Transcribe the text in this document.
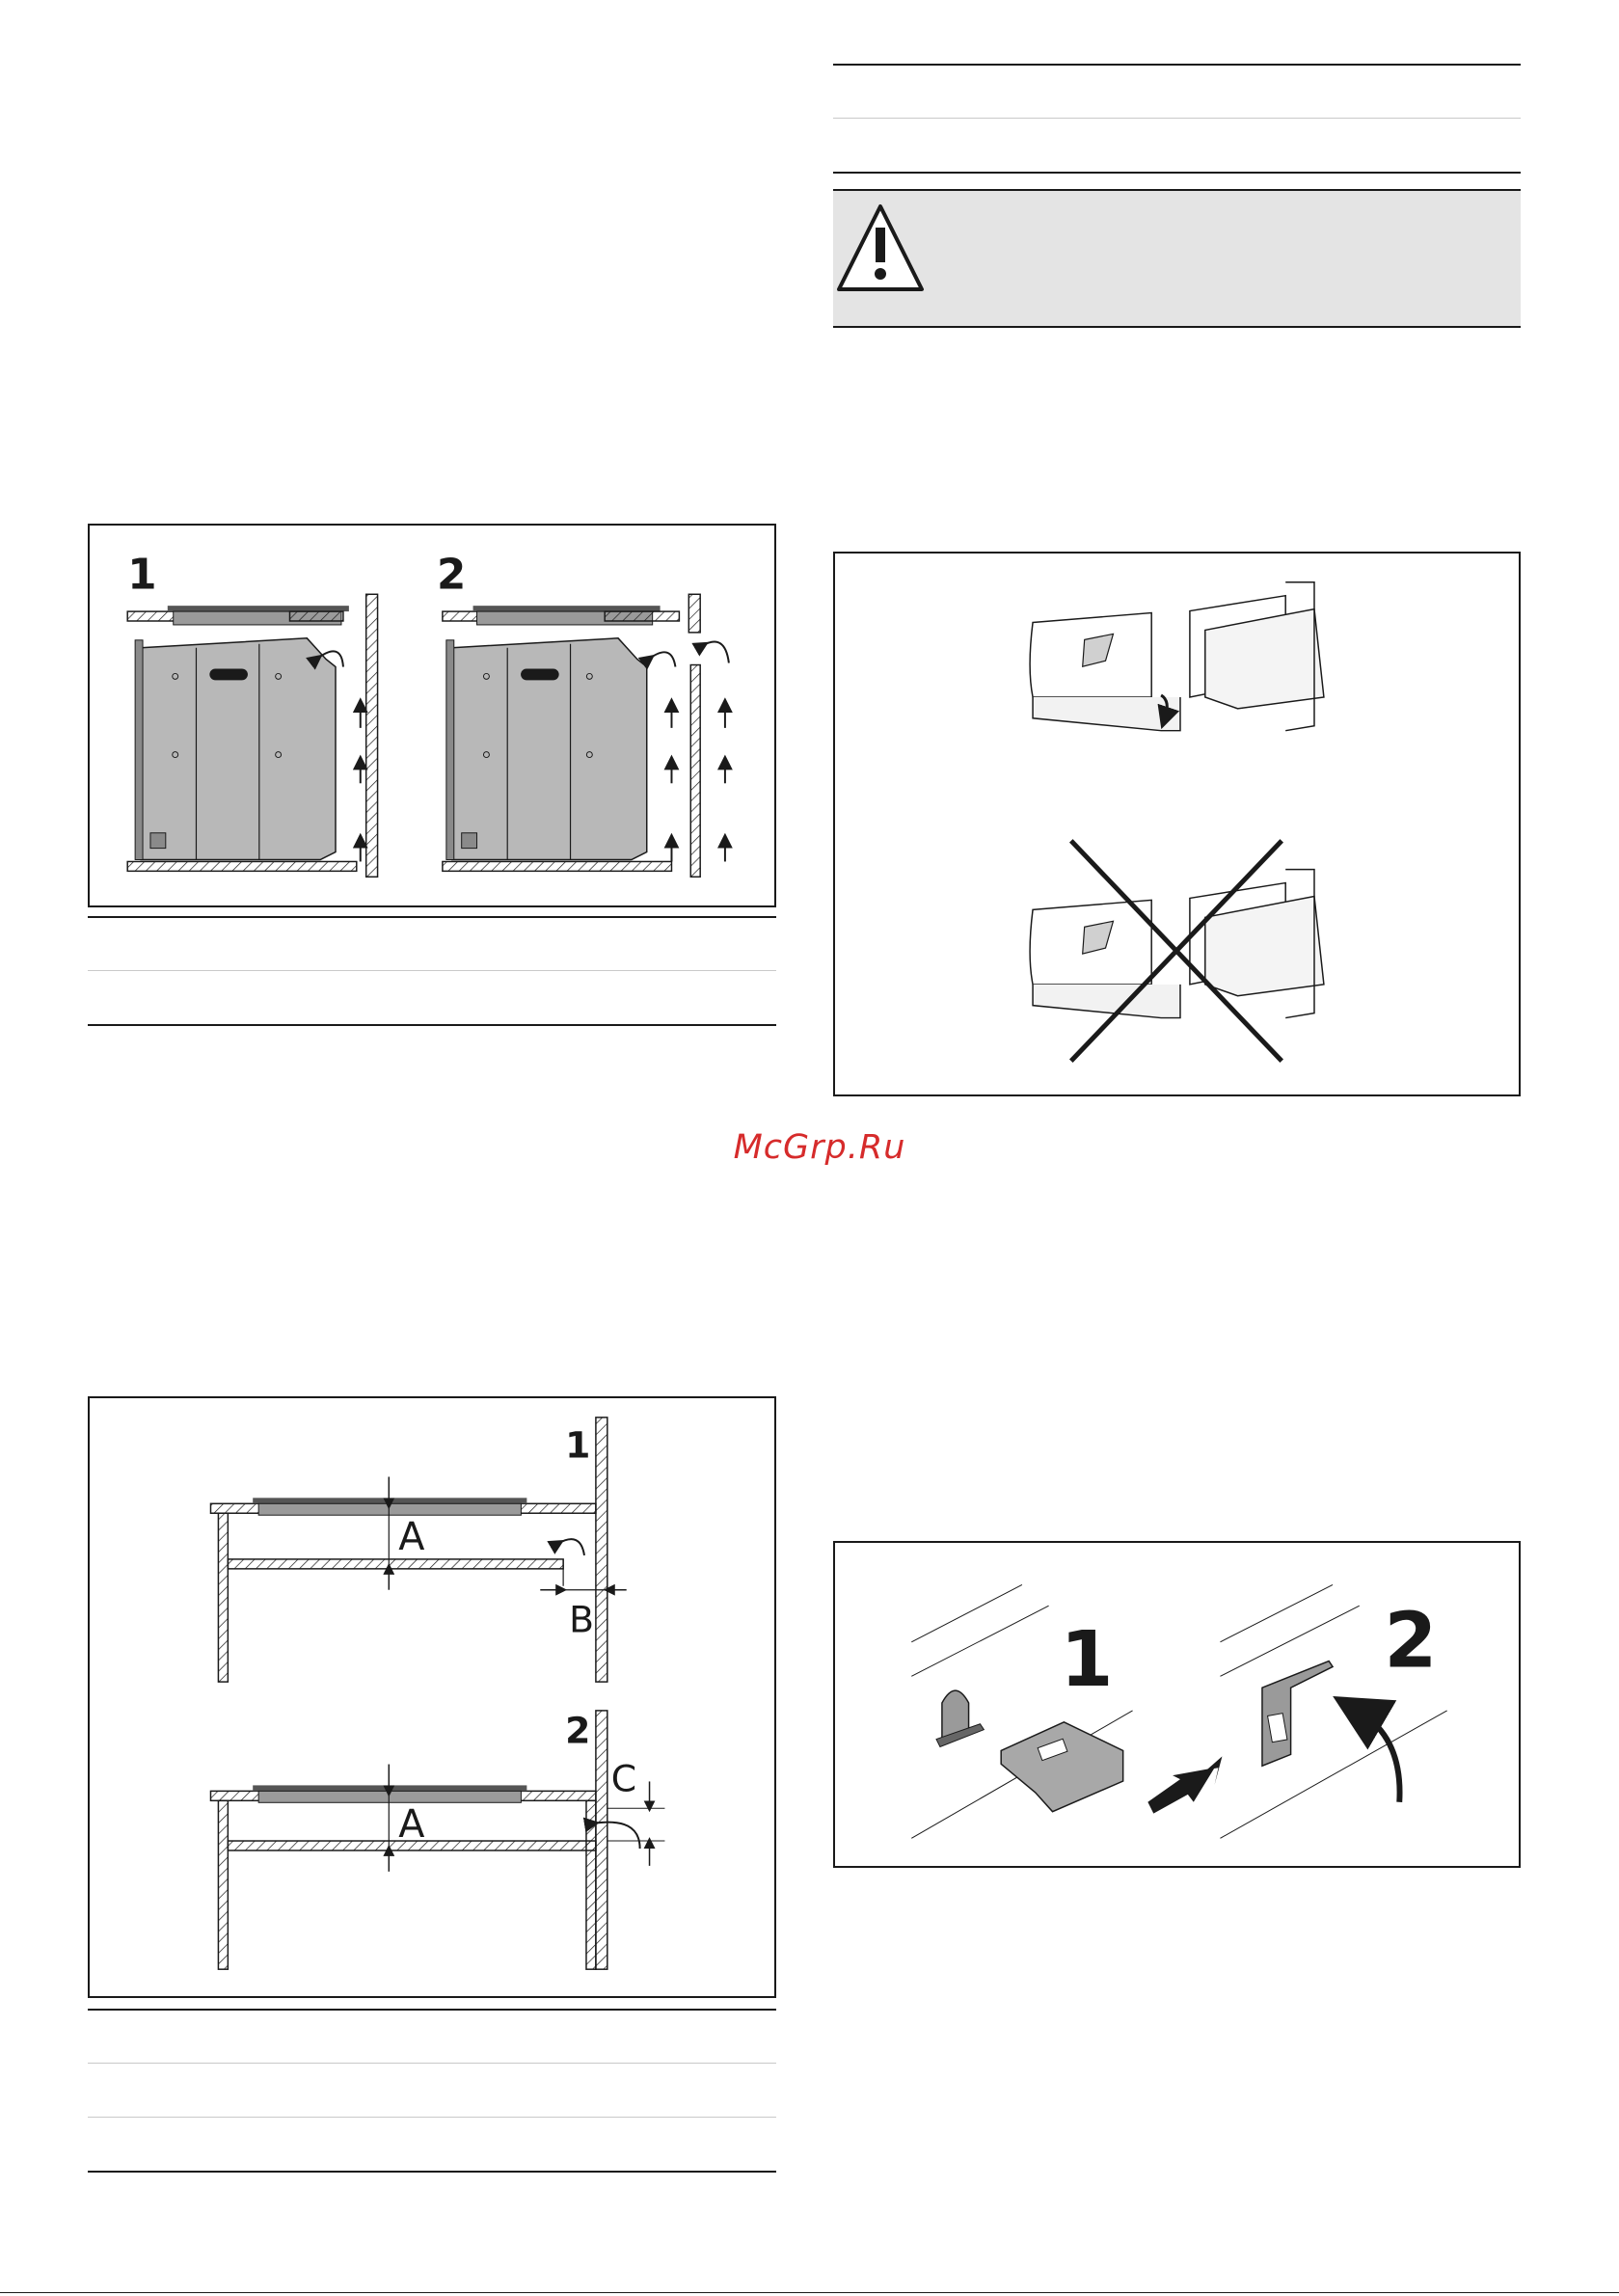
1	2
McGrp.Ru
1
A
B
2
A
C
1	2
